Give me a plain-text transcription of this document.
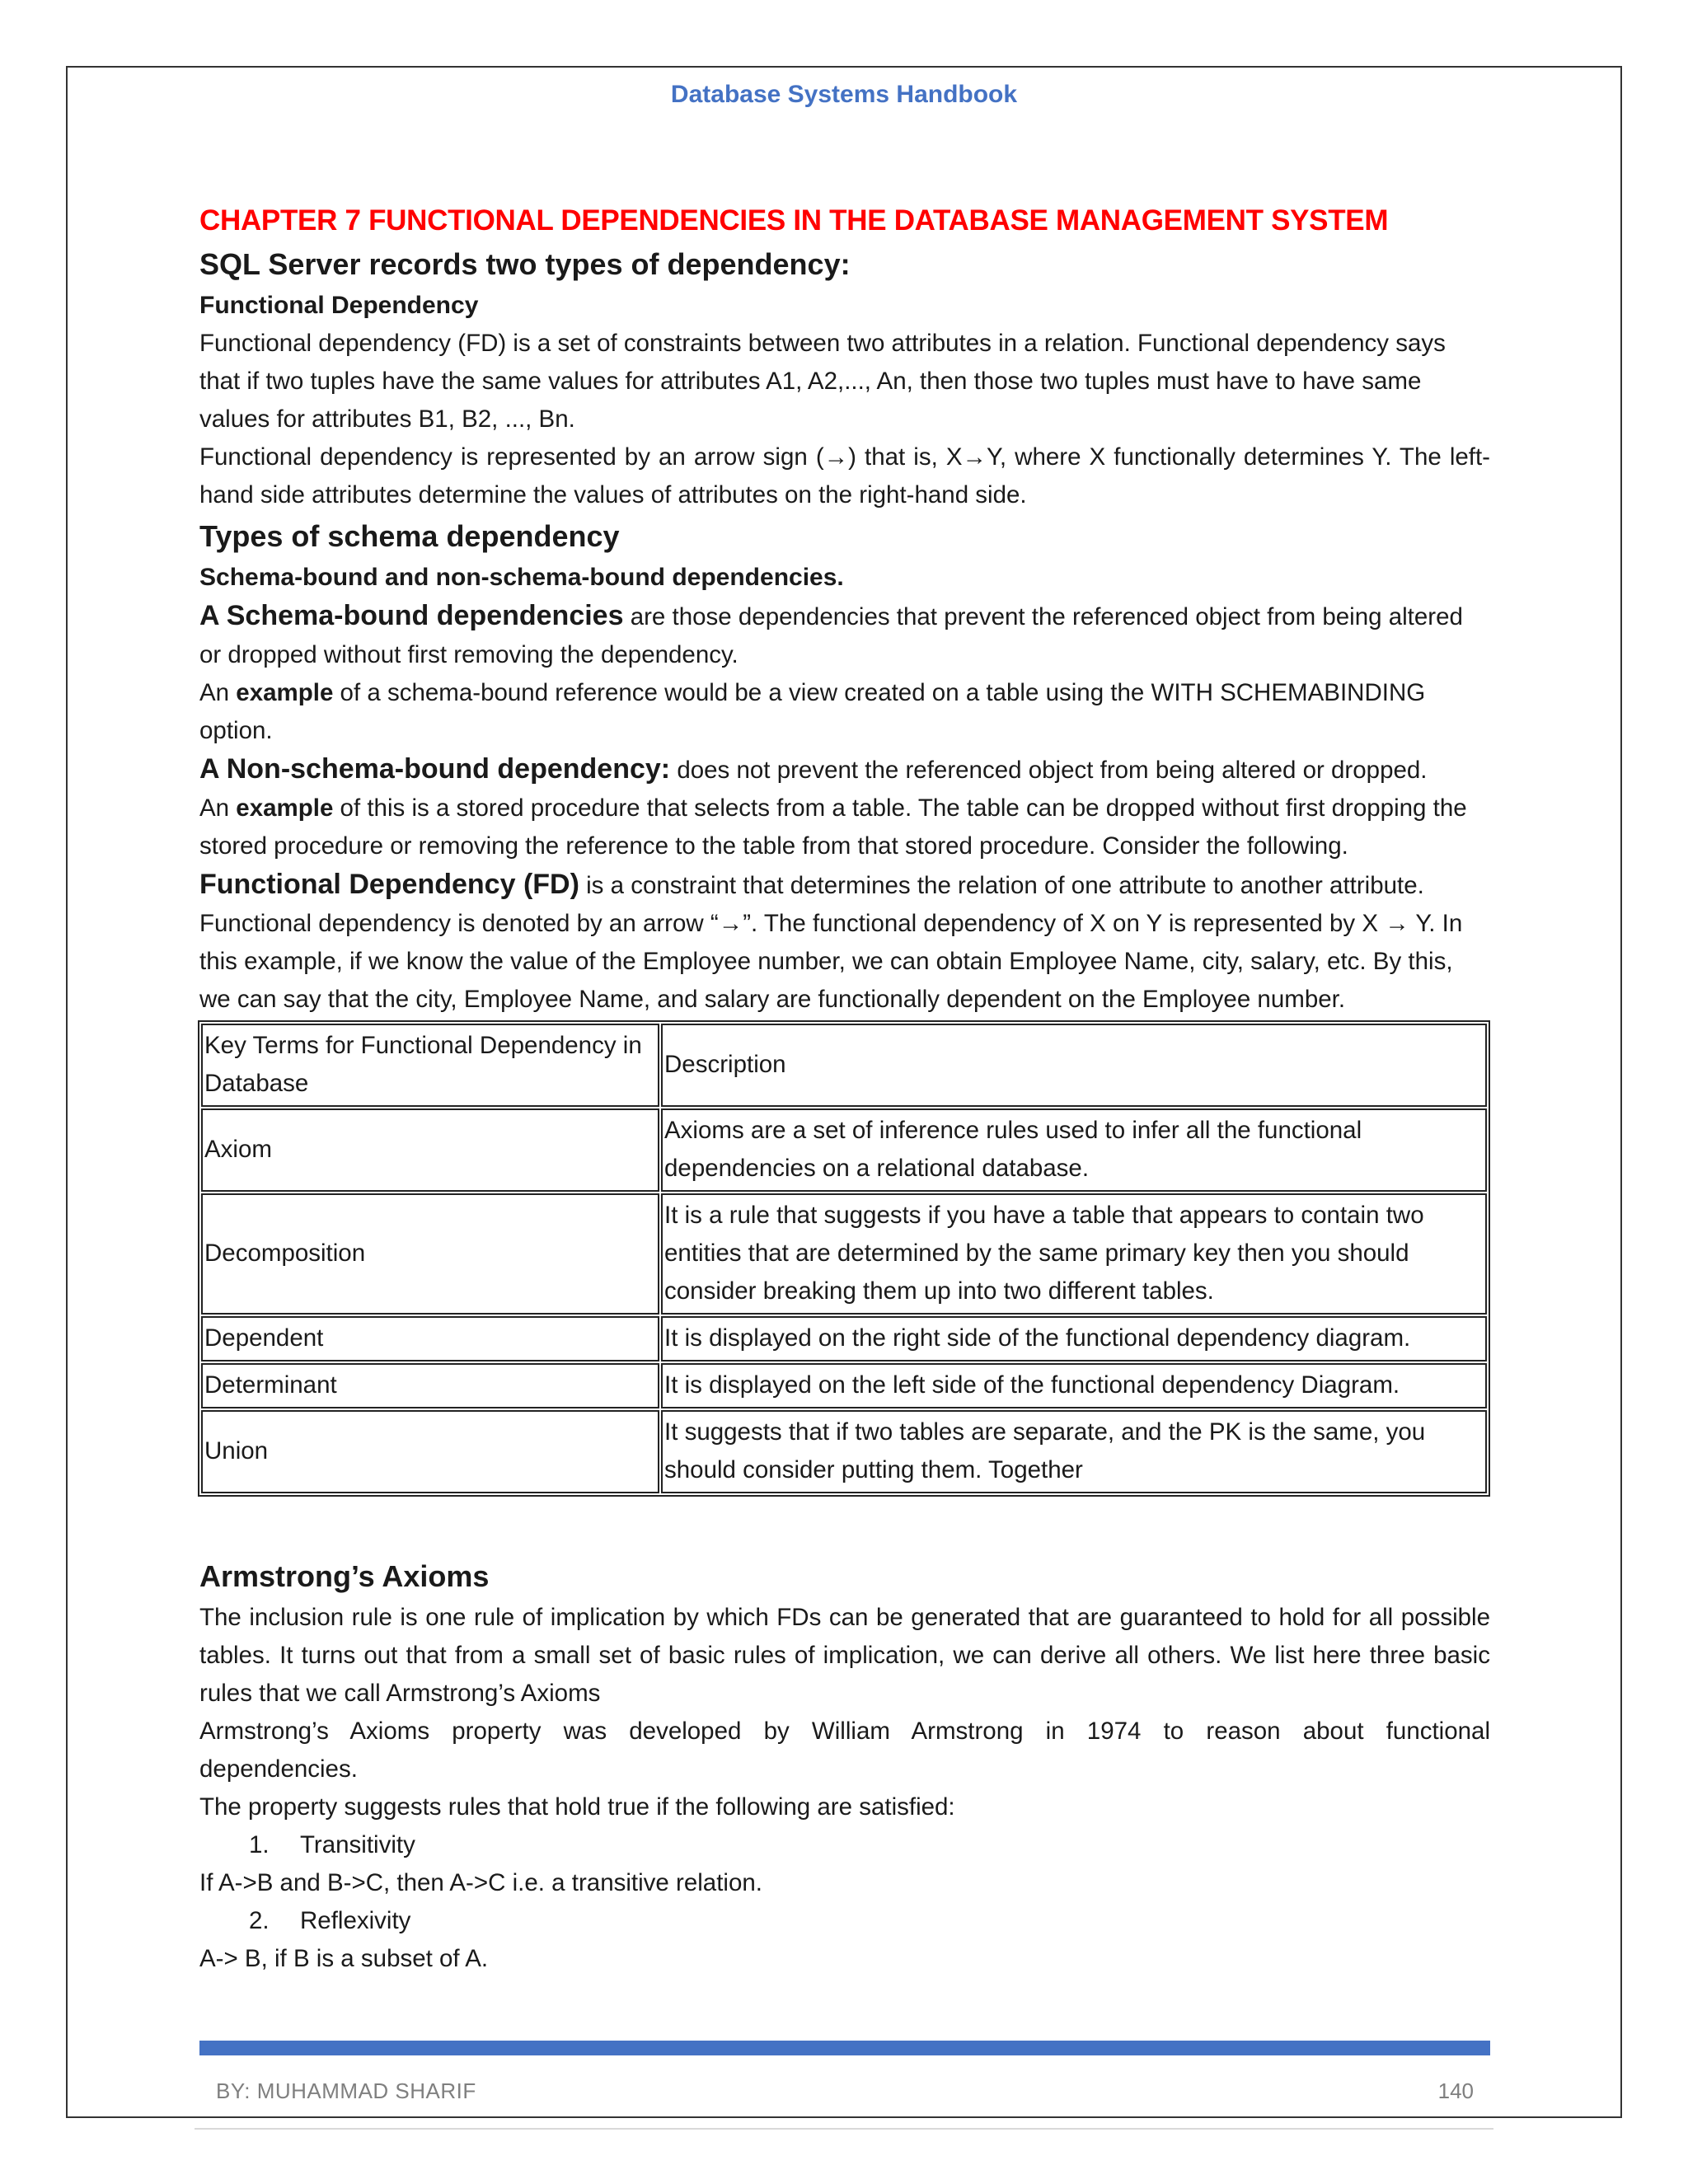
Database Systems Handbook

CHAPTER 7 FUNCTIONAL DEPENDENCIES IN THE DATABASE MANAGEMENT SYSTEM

SQL Server records two types of dependency:

Functional Dependency

Functional dependency (FD) is a set of constraints between two attributes in a relation. Functional dependency says that if two tuples have the same values for attributes A1, A2,..., An, then those two tuples must have to have same values for attributes B1, B2, ..., Bn.

Functional dependency is represented by an arrow sign (→) that is, X→Y, where X functionally determines Y. The left-hand side attributes determine the values of attributes on the right-hand side.

Types of schema dependency

Schema-bound and non-schema-bound dependencies.

A Schema-bound dependencies are those dependencies that prevent the referenced object from being altered or dropped without first removing the dependency.

An example of a schema-bound reference would be a view created on a table using the WITH SCHEMABINDING option.

A Non-schema-bound dependency: does not prevent the referenced object from being altered or dropped.

An example of this is a stored procedure that selects from a table. The table can be dropped without first dropping the stored procedure or removing the reference to the table from that stored procedure. Consider the following.

Functional Dependency (FD) is a constraint that determines the relation of one attribute to another attribute. Functional dependency is denoted by an arrow “→”. The functional dependency of X on Y is represented by X → Y. In this example, if we know the value of the Employee number, we can obtain Employee Name, city, salary, etc. By this, we can say that the city, Employee Name, and salary are functionally dependent on the Employee number.

Key Terms for Functional Dependency in Database	Description
Axiom	Axioms are a set of inference rules used to infer all the functional dependencies on a relational database.
Decomposition	It is a rule that suggests if you have a table that appears to contain two entities that are determined by the same primary key then you should consider breaking them up into two different tables.
Dependent	It is displayed on the right side of the functional dependency diagram.
Determinant	It is displayed on the left side of the functional dependency Diagram.
Union	It suggests that if two tables are separate, and the PK is the same, you should consider putting them. Together

Armstrong’s Axioms

The inclusion rule is one rule of implication by which FDs can be generated that are guaranteed to hold for all possible tables. It turns out that from a small set of basic rules of implication, we can derive all others. We list here three basic rules that we call Armstrong’s Axioms

Armstrong’s Axioms property was developed by William Armstrong in 1974 to reason about functional dependencies.

The property suggests rules that hold true if the following are satisfied:

1. Transitivity

If A->B and B->C, then A->C i.e. a transitive relation.

2. Reflexivity

A-> B, if B is a subset of A.

BY: MUHAMMAD SHARIF	140
